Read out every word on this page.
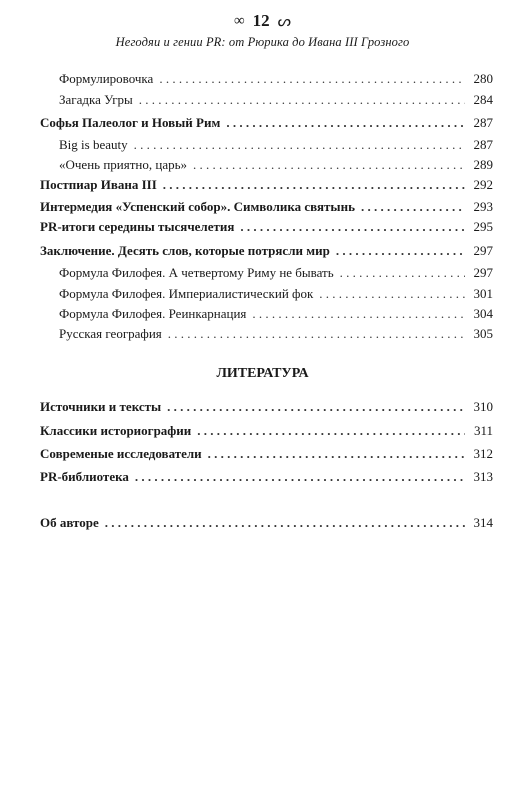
∞ 12 ᔕ
Негодяи и гении PR: от Рюрика до Ивана III Грозного
Формулировочка . . .	280
Загадка Угры . . .	284
Софья Палеолог и Новый Рим . . .	287
Big is beauty . . .	287
«Очень приятно, царь» . . .	289
Постпиар Ивана III . . .	292
Интермедия «Успенский собор». Символика святынь . . .	293
PR-итоги середины тысячелетия . . .	295
Заключение. Десять слов, которые потрясли мир . . .	297
Формула Филофея. А четвертому Риму не бывать . . .	297
Формула Филофея. Империалистический фок . . .	301
Формула Филофея. Реинкарнация . . .	304
Русская география . . .	305
ЛИТЕРАТУРА
Источники и тексты . . .	310
Классики историографии . . .	311
Современые исследователи . . .	312
PR-библиотека . . .	313
Об авторе . . .	314
